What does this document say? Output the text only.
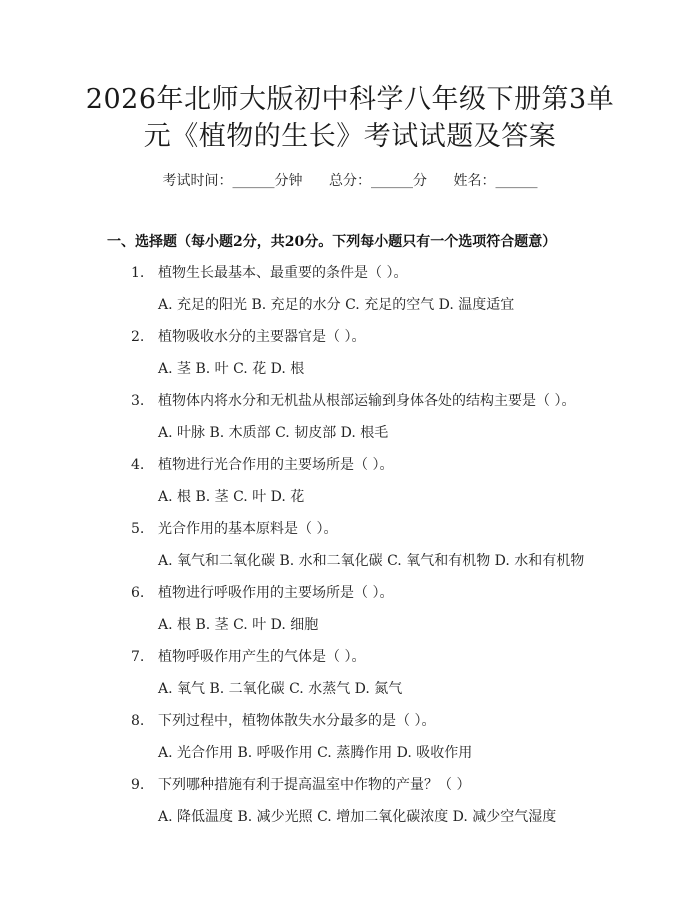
2026年北师大版初中科学八年级下册第3单
元《植物的生长》考试试题及答案
考试时间：______分钟 总分：______分 姓名：______
一、选择题（每小题2分，共20分。下列每小题只有一个选项符合题意）
1. 植物生长最基本、最重要的条件是（ ）。
A. 充足的阳光 B. 充足的水分 C. 充足的空气 D. 温度适宜
2. 植物吸收水分的主要器官是（ ）。
A. 茎 B. 叶 C. 花 D. 根
3. 植物体内将水分和无机盐从根部运输到身体各处的结构主要是（ ）。
A. 叶脉 B. 木质部 C. 韧皮部 D. 根毛
4. 植物进行光合作用的主要场所是（ ）。
A. 根 B. 茎 C. 叶 D. 花
5. 光合作用的基本原料是（ ）。
A. 氧气和二氧化碳 B. 水和二氧化碳 C. 氧气和有机物 D. 水和有机物
6. 植物进行呼吸作用的主要场所是（ ）。
A. 根 B. 茎 C. 叶 D. 细胞
7. 植物呼吸作用产生的气体是（ ）。
A. 氧气 B. 二氧化碳 C. 水蒸气 D. 氮气
8. 下列过程中，植物体散失水分最多的是（ ）。
A. 光合作用 B. 呼吸作用 C. 蒸腾作用 D. 吸收作用
9. 下列哪种措施有利于提高温室中作物的产量？（ ）
A. 降低温度 B. 减少光照 C. 增加二氧化碳浓度 D. 减少空气湿度
